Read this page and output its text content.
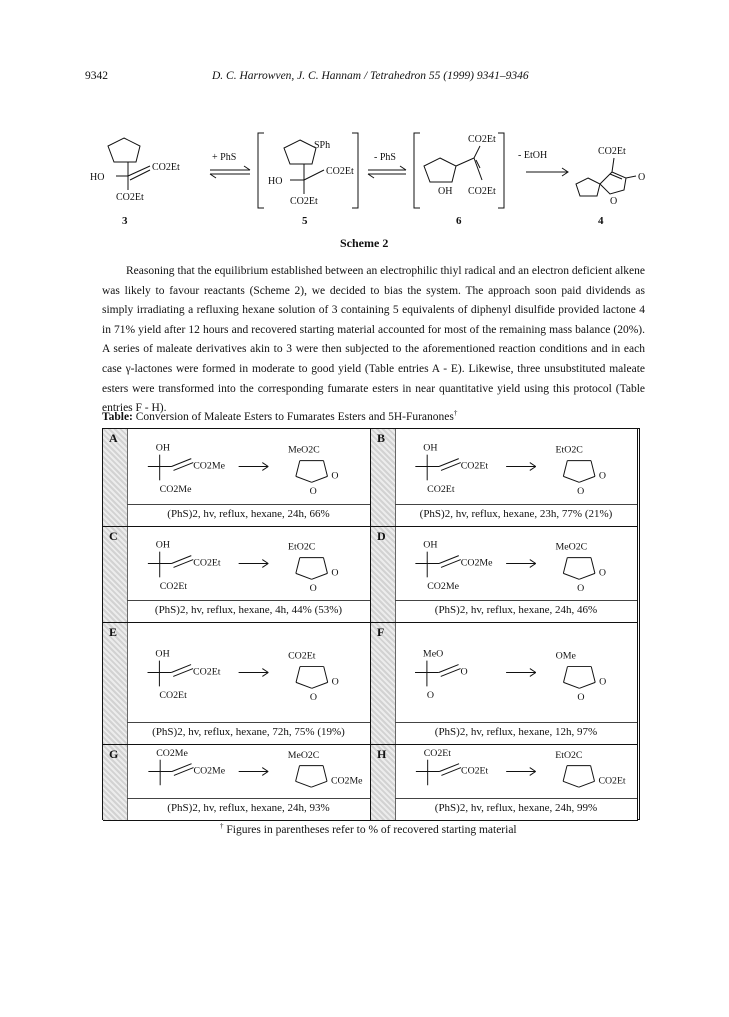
9342	D. C. Harrowven, J. C. Hannam / Tetrahedron 55 (1999) 9341–9346
HO
CO2Et
CO2Et
+ PhS
HO
SPh
CO2Et
CO2Et
- PhS
CO2Et
OH CO2Et
- EtOH	CO2Et
O
O
3	5	6	4
Scheme 2
Reasoning that the equilibrium established between an electrophilic thiyl radical and an electron deficient alkene was likely to favour reactants (Scheme 2), we decided to bias the system. The approach soon paid dividends as simply irradiating a refluxing hexane solution of 3 containing 5 equivalents of diphenyl disulfide provided lactone 4 in 71% yield after 12 hours and recovered starting material accounted for most of the remaining mass balance (20%). A series of maleate derivatives akin to 3 were then subjected to the aforementioned reaction conditions and in each case γ-lactones were formed in moderate to good yield (Table entries A - E). Likewise, three unsubstituted maleate esters were transformed into the corresponding fumarate esters in near quantitative yield using this protocol (Table entries F - H).
Table: Conversion of Maleate Esters to Fumarates Esters and 5H-Furanones†
A
OH
CO2Me
CO2Me
MeO2C
O
O
(PhS)2, hv, reflux, hexane, 24h, 66%
B
OH
CO2Et
CO2Et
EtO2C
O
O
(PhS)2, hv, reflux, hexane, 23h, 77% (21%)
C
OH
CO2Et
CO2Et
EtO2C
O
O
(PhS)2, hv, reflux, hexane, 4h, 44% (53%)
D
OH
CO2Me
CO2Me
MeO2C
O
O
(PhS)2, hv, reflux, hexane, 24h, 46%
E
OH
CO2Et
CO2Et
CO2Et
O
O
(PhS)2, hv, reflux, hexane, 72h, 75% (19%)
F
MeO
O
O
OMe
O
O
(PhS)2, hv, reflux, hexane, 12h, 97%
G	CO2Me
CO2Me
MeO2C
CO2Me
(PhS)2, hv, reflux, hexane, 24h, 93%
H	CO2Et
CO2Et
EtO2C
CO2Et
(PhS)2, hv, reflux, hexane, 24h, 99%
† Figures in parentheses refer to % of recovered starting material
